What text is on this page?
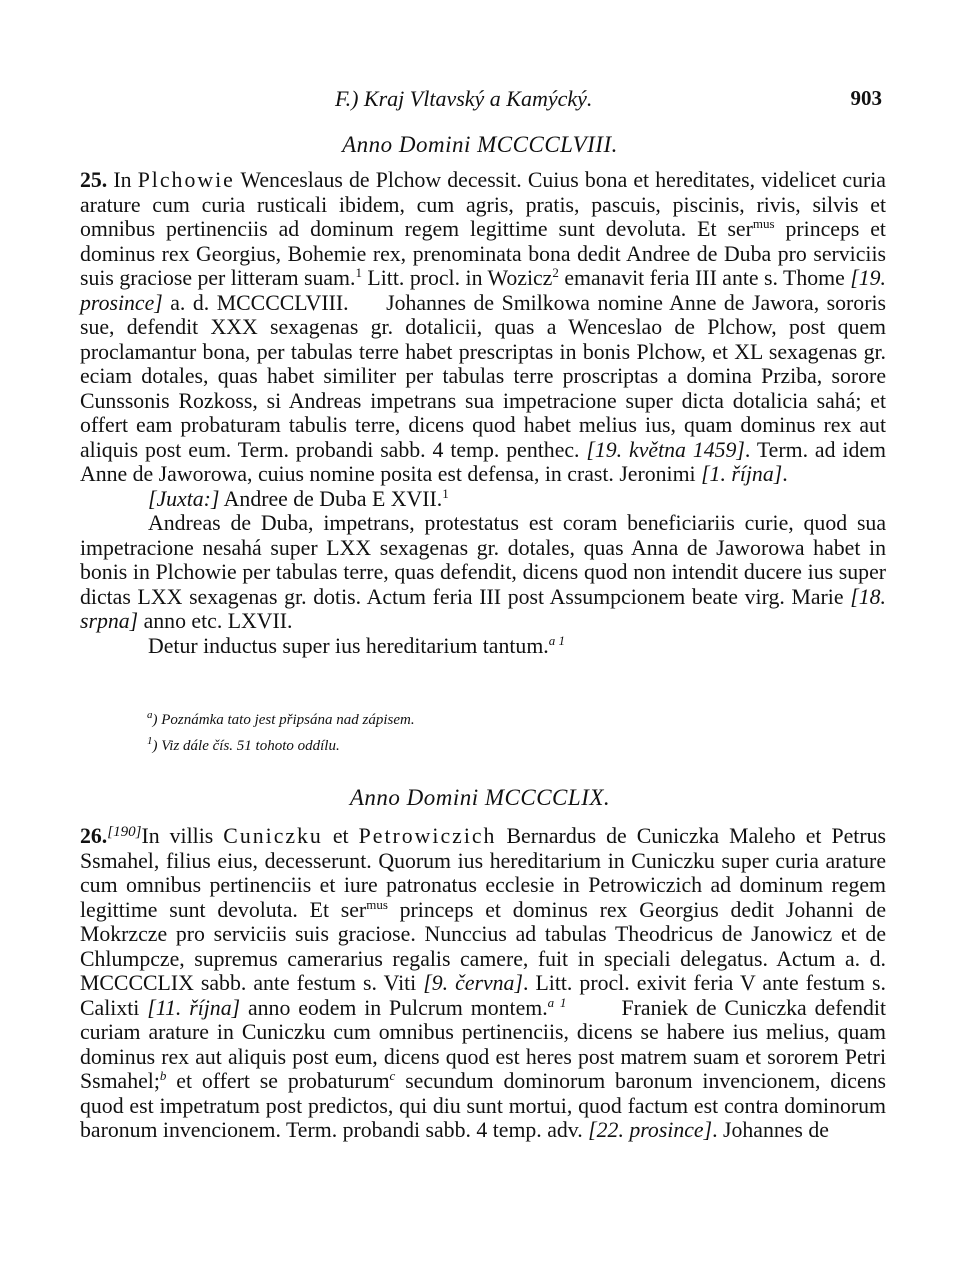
F.) Kraj Vltavský a Kamýcký.	903
Anno Domini MCCCCLVIII.

25. In Plchowie Wenceslaus de Plchow decessit. Cuius bona et hereditates, videlicet curia arature cum curia rusticali ibidem, cum agris, pratis, pascuis, piscinis, rivis, silvis et omnibus pertinenciis ad dominum regem legittime sunt devoluta. Et ser$^{mus}$ princeps et dominus rex Georgius, Bohemie rex, prenominata bona dedit Andree de Duba pro serviciis suis graciose per litteram suam.$^1$ Litt. procl. in Wozicz$^2$ emanavit feria III ante s. Thome [19. prosince] a. d. MCCCCLVIII. Johannes de Smilkowa nomine Anne de Jawora, sororis sue, defendit XXX sexagenas gr. dotalicii, quas a Wenceslao de Plchow, post quem proclamantur bona, per tabulas terre habet prescriptas in bonis Plchow, et XL sexagenas gr. eciam dotales, quas habet similiter per tabulas terre proscriptas a domina Prziba, sorore Cunssonis Rozkoss, si Andreas impetrans sua impetracione super dicta dotalicia sahá; et offert eam probaturam tabulis terre, dicens quod habet melius ius, quam dominus rex aut aliquis post eum. Term. probandi sabb. 4 temp. penthec. [19. května 1459]. Term. ad idem Anne de Jaworowa, cuius nomine posita est defensa, in crast. Jeronimi [1. října].

[Juxta:] Andree de Duba E XVII.$^1$

Andreas de Duba, impetrans, protestatus est coram beneficiariis curie, quod sua impetracione nesahá super LXX sexagenas gr. dotales, quas Anna de Jaworowa habet in bonis in Plchowie per tabulas terre, quas defendit, dicens quod non intendit ducere ius super dictas LXX sexagenas gr. dotis. Actum feria III post Assumpcionem beate virg. Marie [18. srpna] anno etc. LXVII.

Detur inductus super ius hereditarium tantum.$^{a 1}$

$^a$) Poznámka tato jest připsána nad zápisem.
$^1$) Viz dále čís. 51 tohoto oddílu.
Anno Domini MCCCCLIX.

26.[190]In villis Cuniczku et Petrowiczich Bernardus de Cuniczka Maleho et Petrus Ssmahel, filius eius, decesserunt. Quorum ius hereditarium in Cuniczku super curia arature cum omnibus pertinenciis et iure patronatus ecclesie in Petrowiczich ad dominum regem legittime sunt devoluta. Et ser$^{mus}$ princeps et dominus rex Georgius dedit Johanni de Mokrzcze pro serviciis suis graciose. Nunccius ad tabulas Theodricus de Janowicz et de Chlumpcze, supremus camerarius regalis camere, fuit in speciali delegatus. Actum a. d. MCCCCLIX sabb. ante festum s. Viti [9. června]. Litt. procl. exivit feria V ante festum s. Calixti [11. října] anno eodem in Pulcrum montem.$^{a 1}$       Franiek de Cuniczka defendit curiam arature in Cuniczku cum omnibus pertinenciis, dicens se habere ius melius, quam dominus rex aut aliquis post eum, dicens quod est heres post matrem suam et sororem Petri Ssmahel;$^b$ et offert se probaturum$^c$ secundum dominorum baronum invencionem, dicens quod est impetratum post predictos, qui diu sunt mortui, quod factum est contra dominorum baronum invencionem. Term. probandi sabb. 4 temp. adv. [22. prosince]. Johannes de
